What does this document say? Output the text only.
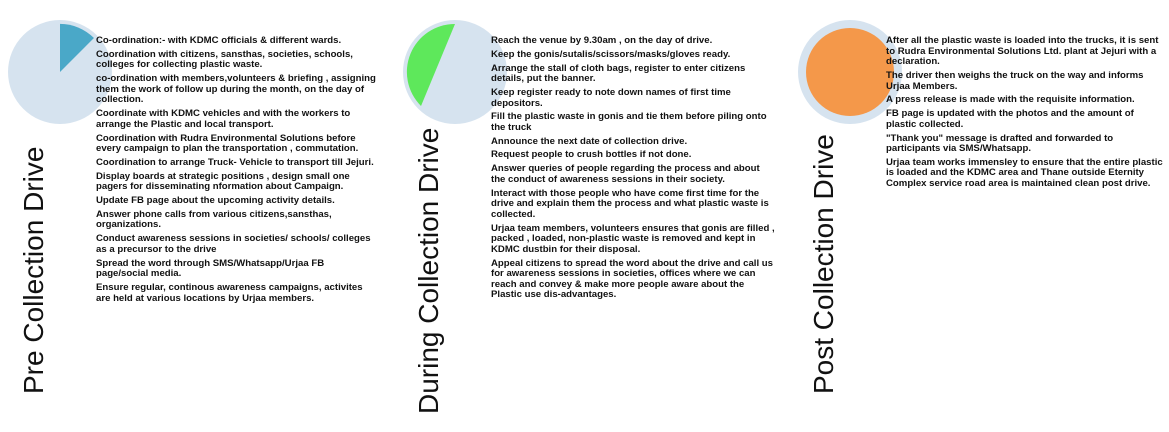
Pre Collection Drive
Co-ordination:- with KDMC officials & different wards.
Coordination with citizens, sansthas, societies, schools, colleges for collecting plastic waste.
co-ordination with members,volunteers & briefing , assigning them the work of follow up during the month, on the day of collection.
Coordinate with KDMC vehicles and with the workers to arrange the Plastic and local transport.
Coordination with Rudra Environmental Solutions before every campaign to plan the transportation , commutation.
Coordination to arrange Truck- Vehicle to transport till Jejuri.
Display boards at strategic positions , design small one pagers for disseminating nformation about Campaign.
Update FB page about the upcoming activity details.
Answer phone calls from various citizens,sansthas, organizations.
Conduct awareness sessions in societies/ schools/ colleges as a precursor to the drive
Spread the word through SMS/Whatsapp/Urjaa FB page/social media.
Ensure regular, continous awareness campaigns, activites are held at various locations by Urjaa members.	During Collection Drive
Reach the venue by 9.30am , on the day of drive.
Keep the gonis/sutalis/scissors/masks/gloves ready.
Arrange the stall of cloth bags, register to enter citizens details, put the banner.
Keep register ready to note down names of first time depositors.
Fill the plastic waste in gonis and tie them before piling onto the truck
Announce the next date of collection drive.
Request people to crush bottles if not done.
Answer queries of people regarding the process and about the conduct of awareness sessions in their society.
Interact with those people who have come first time for the drive and explain them the process and what plastic waste is collected.
Urjaa team members, volunteers ensures that gonis are filled , packed , loaded, non-plastic waste is removed and kept in KDMC dustbin for their disposal.
Appeal citizens to spread the word about the drive and call us for awareness sessions in societies, offices where we can reach and convey & make more people aware about the Plastic use dis-advantages.	Post Collection Drive
After all the plastic waste is loaded into the trucks, it is sent to Rudra Environmental Solutions Ltd. plant at Jejuri with a declaration.
The driver then weighs the truck on the way and informs Urjaa Members.
A press release is made with the requisite information.
FB page is updated with the photos and the amount of plastic collected.
"Thank you" message is drafted and forwarded to participants via SMS/Whatsapp.
Urjaa team works immensley to ensure that the entire plastic is loaded and the KDMC area and Thane outside Eternity Complex service road area is maintained clean post drive.
